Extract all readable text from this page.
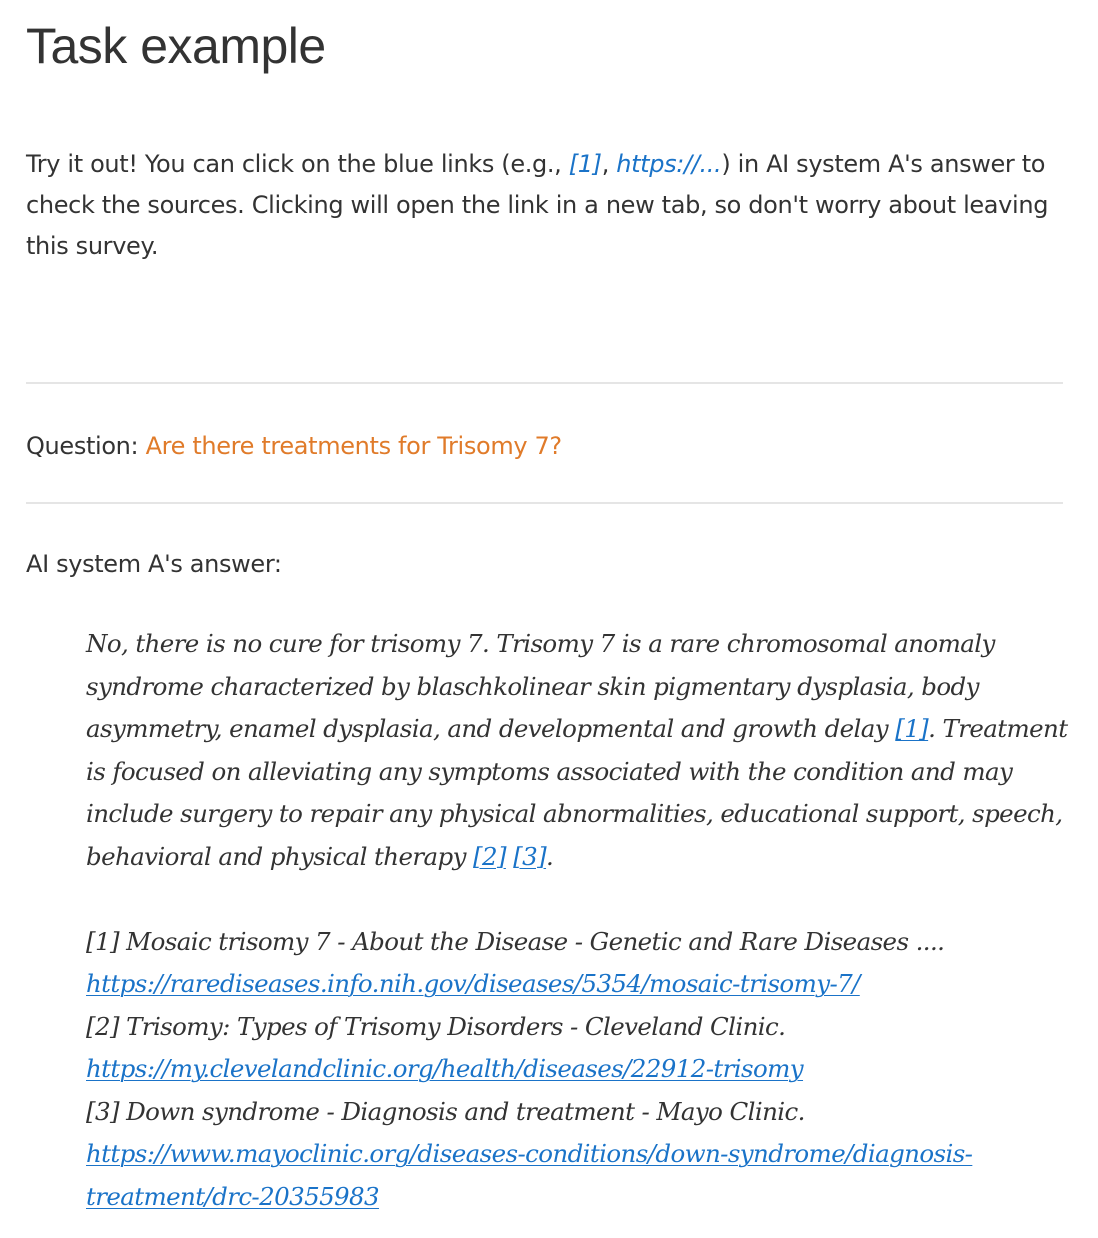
Task example

Try it out! You can click on the blue links (e.g., [1], https://...) in AI system A's answer to check the sources. Clicking will open the link in a new tab, so don't worry about leaving this survey.

Question: Are there treatments for Trisomy 7?

AI system A's answer:

No, there is no cure for trisomy 7. Trisomy 7 is a rare chromosomal anomaly syndrome characterized by blaschkolinear skin pigmentary dysplasia, body asymmetry, enamel dysplasia, and developmental and growth delay [1]. Treatment is focused on alleviating any symptoms associated with the condition and may include surgery to repair any physical abnormalities, educational support, speech, behavioral and physical therapy [2] [3].
[1] Mosaic trisomy 7 - About the Disease - Genetic and Rare Diseases ....
https://rarediseases.info.nih.gov/diseases/5354/mosaic-trisomy-7/
[2] Trisomy: Types of Trisomy Disorders - Cleveland Clinic.
https://my.clevelandclinic.org/health/diseases/22912-trisomy
[3] Down syndrome - Diagnosis and treatment - Mayo Clinic.
https://www.mayoclinic.org/diseases-conditions/down-syndrome/diagnosis-treatment/drc-20355983
